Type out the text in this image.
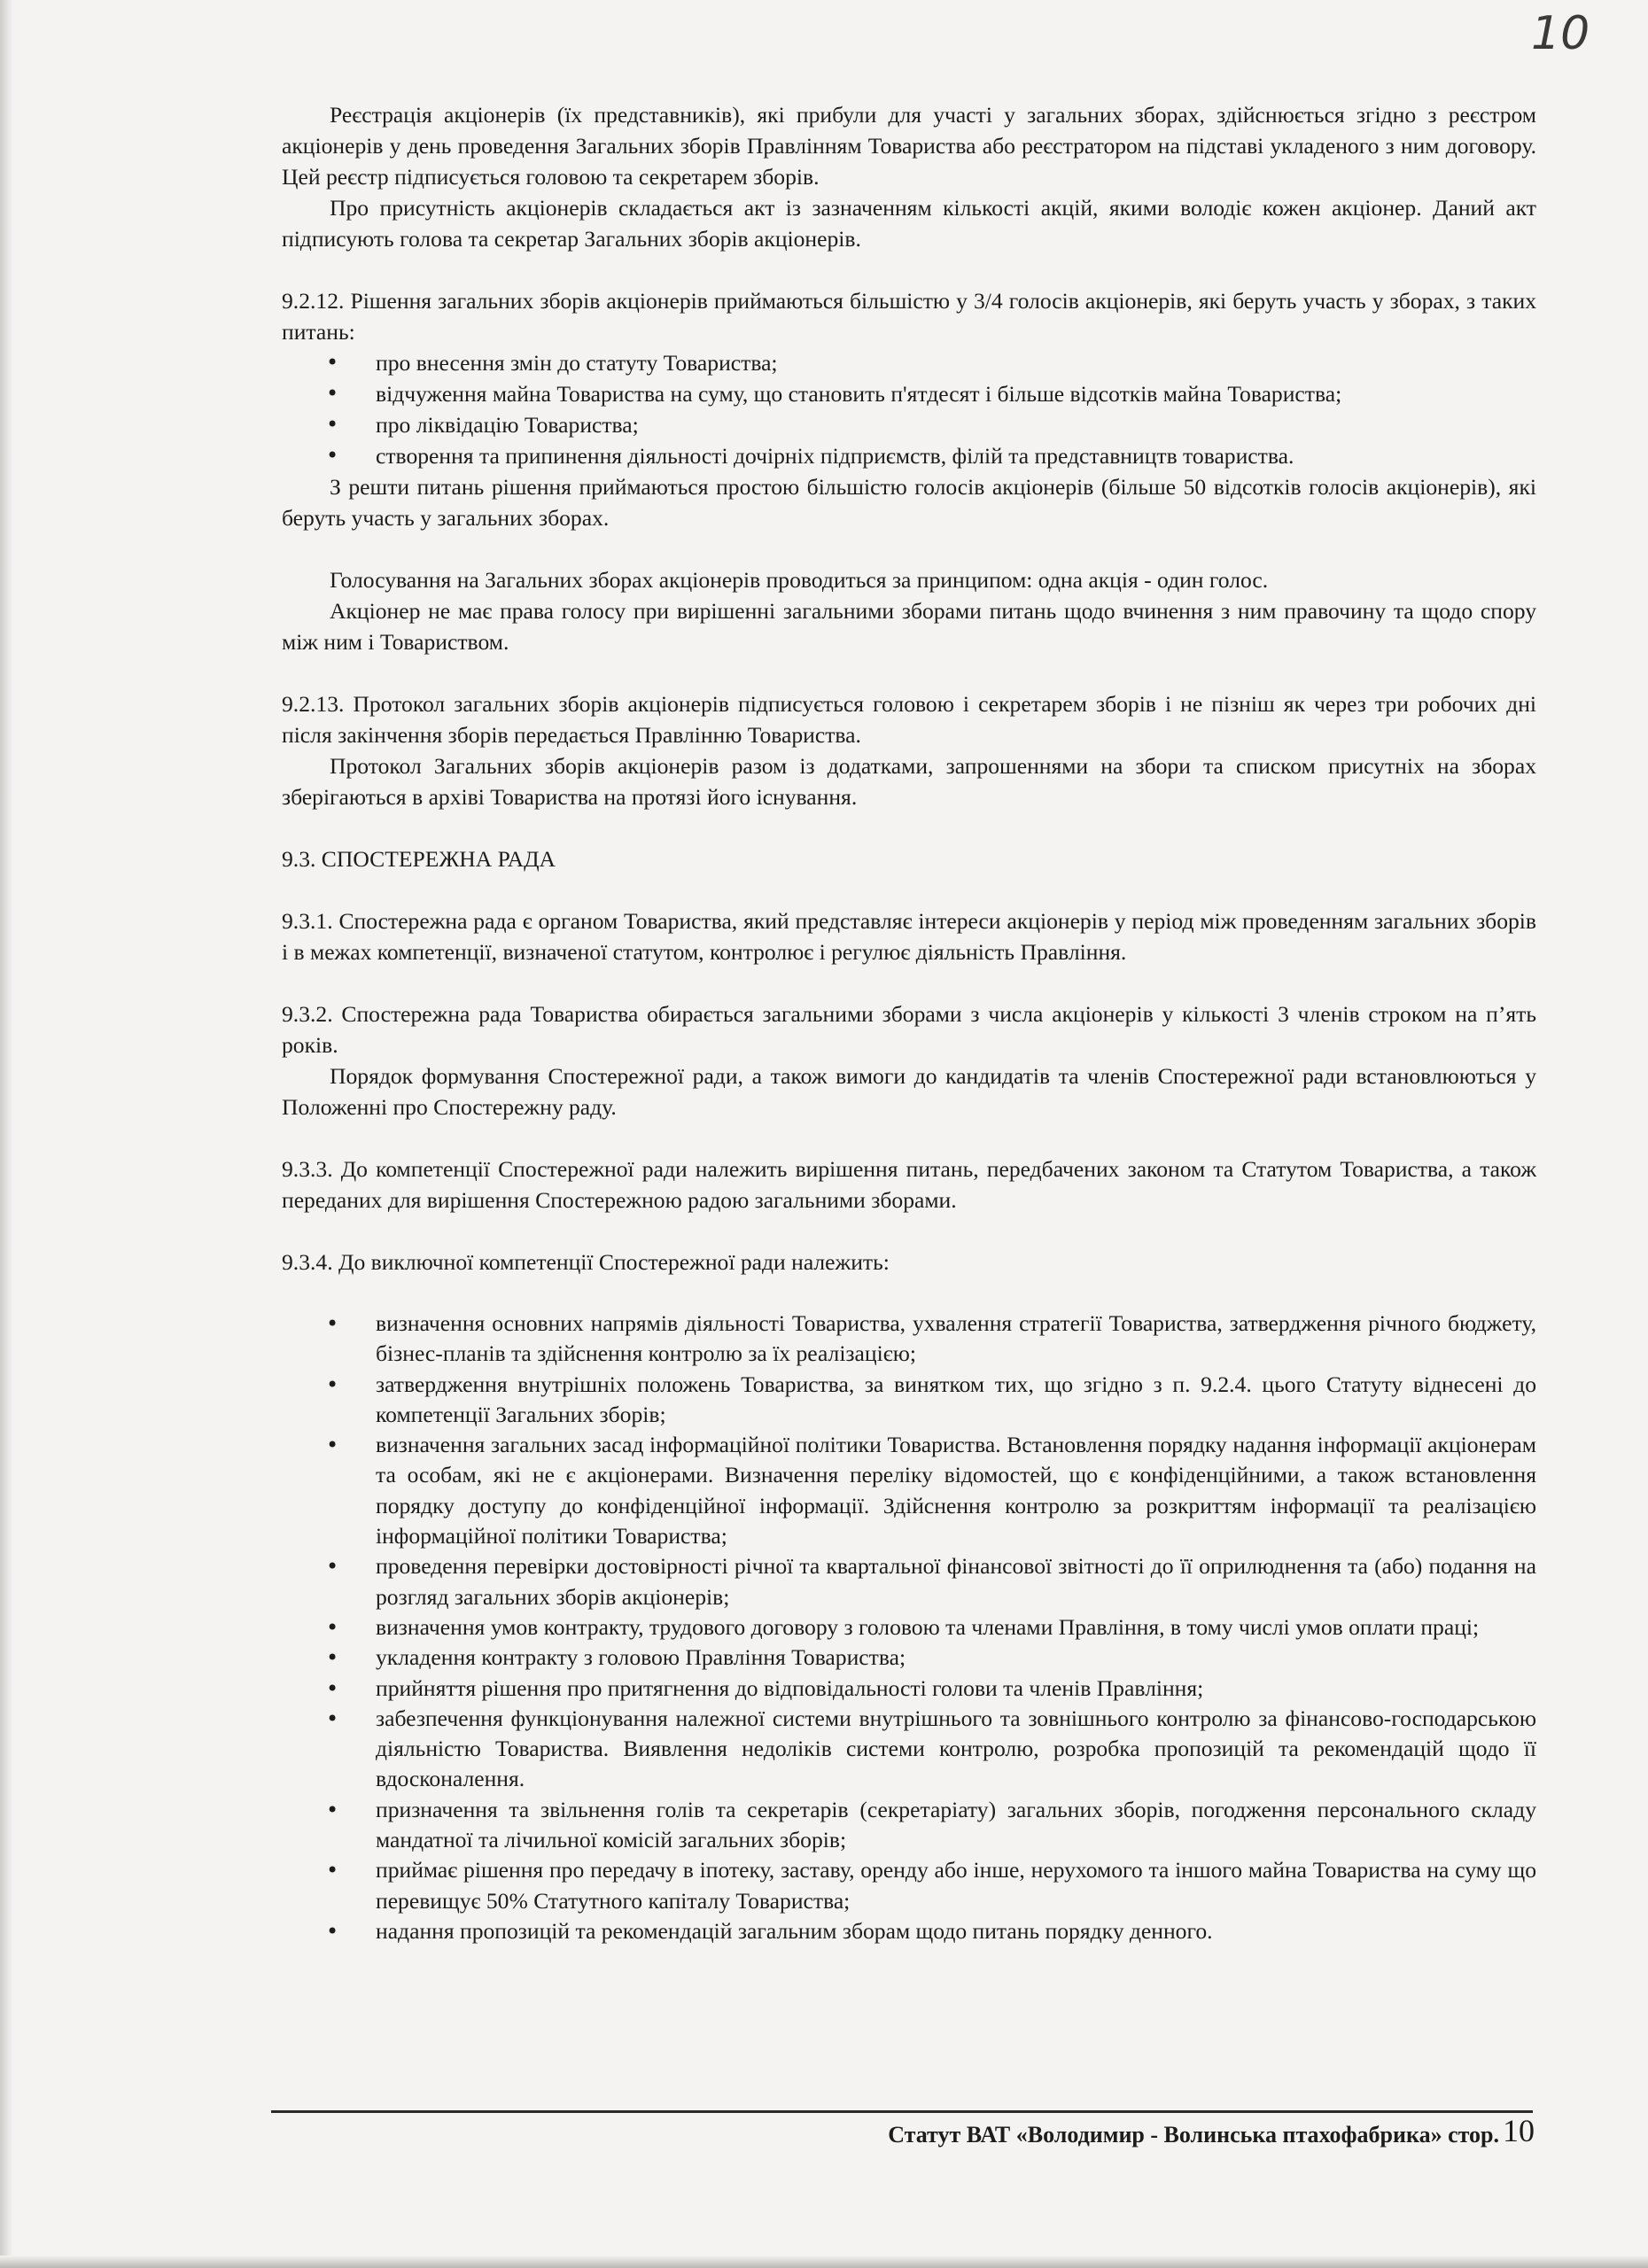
10

Реєстрація акціонерів (їх представників), які прибули для участі у загальних зборах, здійснюється згідно з реєстром акціонерів у день проведення Загальних зборів Правлінням Товариства або реєстратором на підставі укладеного з ним договору. Цей реєстр підписується головою та секретарем зборів.

Про присутність акціонерів складається акт із зазначенням кількості акцій, якими володіє кожен акціонер. Даний акт підписують голова та секретар Загальних зборів акціонерів.

9.2.12. Рішення загальних зборів акціонерів приймаються більшістю у 3/4 голосів акціонерів, які беруть участь у зборах, з таких питань:

• про внесення змін до статуту Товариства;
• відчуження майна Товариства на суму, що становить п'ятдесят і більше відсотків майна Товариства;
• про ліквідацію Товариства;
• створення та припинення діяльності дочірніх підприємств, філій та представництв товариства.

З решти питань рішення приймаються простою більшістю голосів акціонерів (більше 50 відсотків голосів акціонерів), які беруть участь у загальних зборах.

Голосування на Загальних зборах акціонерів проводиться за принципом: одна акція - один голос.

Акціонер не має права голосу при вирішенні загальними зборами питань щодо вчинення з ним правочину та щодо спору між ним і Товариством.

9.2.13. Протокол загальних зборів акціонерів підписується головою і секретарем зборів і не пізніш як через три робочих дні після закінчення зборів передається Правлінню Товариства.

Протокол Загальних зборів акціонерів разом із додатками, запрошеннями на збори та списком присутніх на зборах зберігаються в архіві Товариства на протязі його існування.

9.3. СПОСТЕРЕЖНА РАДА

9.3.1. Спостережна рада є органом Товариства, який представляє інтереси акціонерів у період між проведенням загальних зборів і в межах компетенції, визначеної статутом, контролює і регулює діяльність Правління.

9.3.2. Спостережна рада Товариства обирається загальними зборами з числа акціонерів у кількості 3 членів строком на п’ять років.

Порядок формування Спостережної ради, а також вимоги до кандидатів та членів Спостережної ради встановлюються у Положенні про Спостережну раду.

9.3.3. До компетенції Спостережної ради належить вирішення питань, передбачених законом та Статутом Товариства, а також переданих для вирішення Спостережною радою загальними зборами.

9.3.4. До виключної компетенції Спостережної ради належить:

• визначення основних напрямів діяльності Товариства, ухвалення стратегії Товариства, затвердження річного бюджету, бізнес-планів та здійснення контролю за їх реалізацією;
• затвердження внутрішніх положень Товариства, за винятком тих, що згідно з п. 9.2.4. цього Статуту віднесені до компетенції Загальних зборів;
• визначення загальних засад інформаційної політики Товариства. Встановлення порядку надання інформації акціонерам та особам, які не є акціонерами. Визначення переліку відомостей, що є конфіденційними, а також встановлення порядку доступу до конфіденційної інформації. Здійснення контролю за розкриттям інформації та реалізацією інформаційної політики Товариства;
• проведення перевірки достовірності річної та квартальної фінансової звітності до її оприлюднення та (або) подання на розгляд загальних зборів акціонерів;
• визначення умов контракту, трудового договору з головою та членами Правління, в тому числі умов оплати праці;
• укладення контракту з головою Правління Товариства;
• прийняття рішення про притягнення до відповідальності голови та членів Правління;
• забезпечення функціонування належної системи внутрішнього та зовнішнього контролю за фінансово-господарською діяльністю Товариства. Виявлення недоліків системи контролю, розробка пропозицій та рекомендацій щодо її вдосконалення.
• призначення та звільнення голів та секретарів (секретаріату) загальних зборів, погодження персонального складу мандатної та лічильної комісій загальних зборів;
• приймає рішення про передачу в іпотеку, заставу, оренду або інше, нерухомого та іншого майна Товариства на суму що перевищує 50% Статутного капіталу Товариства;
• надання пропозицій та рекомендацій загальним зборам щодо питань порядку денного.
Статут ВАТ «Володимир - Волинська птахофабрика» стор. 10
